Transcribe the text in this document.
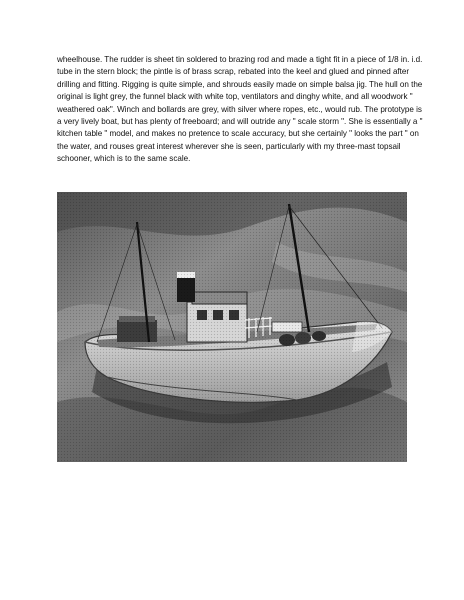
wheelhouse. The rudder is sheet tin soldered to brazing rod and made a tight fit in a piece of 1/8 in. i.d.
tube in the stern block; the pintle is of brass scrap, rebated into the keel and glued and pinned after
drilling and fitting. Rigging is quite simple, and shrouds easily made on simple balsa jig. The hull on the
original is light grey, the funnel black with white top, ventilators and dinghy white, and all woodwork "
weathered oak". Winch and bollards are grey, with silver where ropes, etc., would rub. The prototype is
a very lively boat, but has plenty of freeboard; and will outride any " scale storm ". She is essentially a "
kitchen table " model, and makes no pretence to scale accuracy, but she certainly " looks the part " on
the water, and rouses great interest wherever she is seen, particularly with my three-mast topsail
schooner, which is to the same scale.
